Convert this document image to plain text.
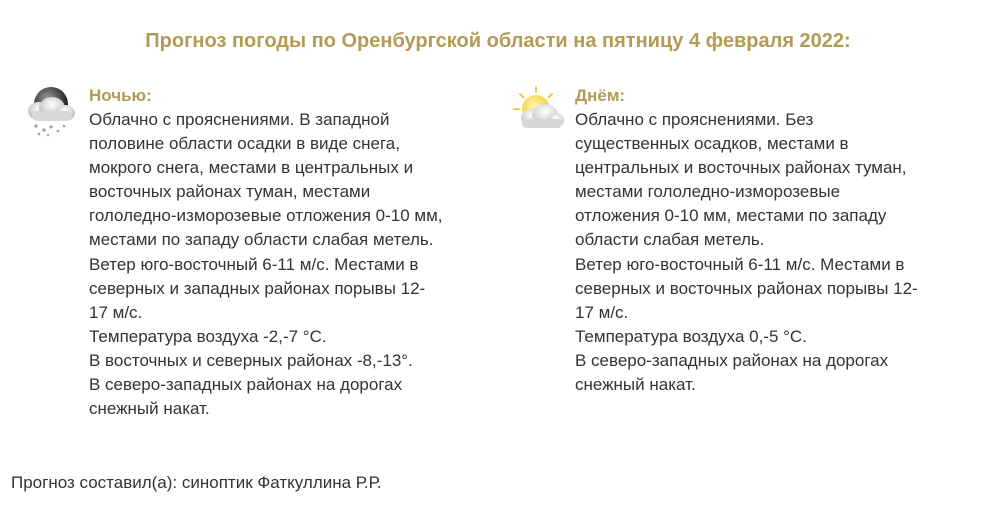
Прогноз погоды по Оренбургской области на пятницу 4 февраля 2022:
Ночью:
Облачно с прояснениями. В западной
половине области осадки в виде снега,
мокрого снега, местами в центральных и
восточных районах туман, местами
гололедно-изморозевые отложения 0-10 мм,
местами по западу области слабая метель.
Ветер юго-восточный 6-11 м/с. Местами в
северных и западных районах порывы 12-
17 м/с.
Температура воздуха -2,-7 °С.
В восточных и северных районах -8,-13°.
В северо-западных районах на дорогах
снежный накат.
Днём:
Облачно с прояснениями. Без
существенных осадков, местами в
центральных и восточных районах туман,
местами гололедно-изморозевые
отложения 0-10 мм, местами по западу
области слабая метель.
Ветер юго-восточный 6-11 м/с. Местами в
северных и восточных районах порывы 12-
17 м/с.
Температура воздуха 0,-5 °С.
В северо-западных районах на дорогах
снежный накат.
Прогноз составил(а): синоптик Фаткуллина Р.Р.
